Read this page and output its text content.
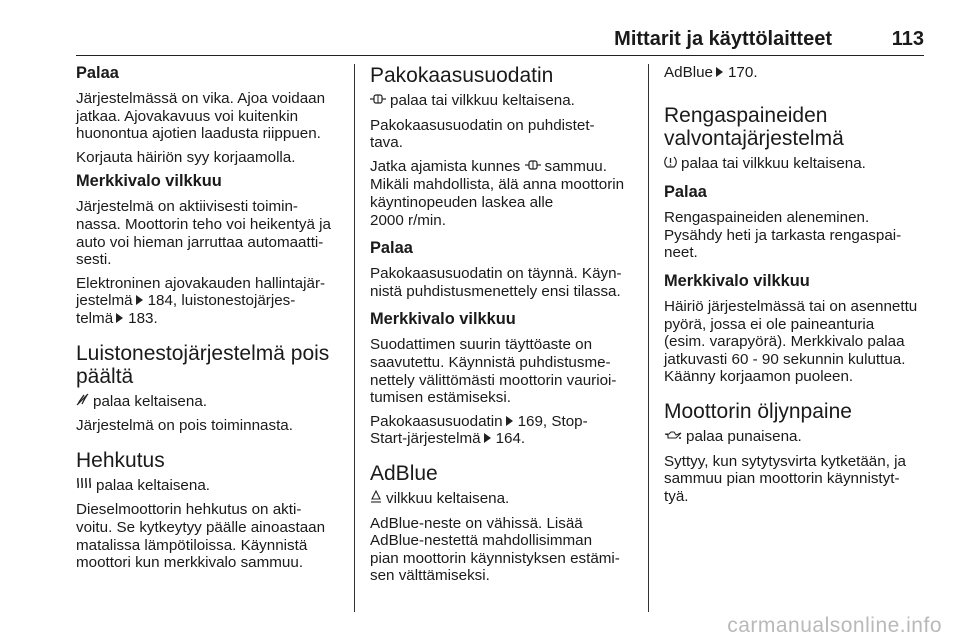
Mittarit ja käyttölaitteet	113
Palaa

Järjestelmässä on vika. Ajoa voidaan
jatkaa. Ajovakavuus voi kuitenkin
huonontua ajotien laadusta riippuen.

Korjauta häiriön syy korjaamolla.

Merkkivalo vilkkuu

Järjestelmä on aktiivisesti toimin-
nassa. Moottorin teho voi heikentyä ja
auto voi hieman jarruttaa automaatti-
sesti.

Elektroninen ajovakauden hallintajär-
jestelmä 184, luistonestojärjes-
telmä 183.

Luistonestojärjestelmä pois
päältä

palaa keltaisena.

Järjestelmä on pois toiminnasta.

Hehkutus

palaa keltaisena.

Dieselmoottorin hehkutus on akti-
voitu. Se kytkeytyy päälle ainoastaan
matalissa lämpötiloissa. Käynnistä
moottori kun merkkivalo sammuu.

Pakokaasusuodatin

palaa tai vilkkuu keltaisena.

Pakokaasusuodatin on puhdistet-
tava.

Jatka ajamista kunnes sammuu.
Mikäli mahdollista, älä anna moottorin
käyntinopeuden laskea alle
2000 r/min.

Palaa

Pakokaasusuodatin on täynnä. Käyn-
nistä puhdistusmenettely ensi tilassa.

Merkkivalo vilkkuu

Suodattimen suurin täyttöaste on
saavutettu. Käynnistä puhdistusme-
nettely välittömästi moottorin vaurioi-
tumisen estämiseksi.

Pakokaasusuodatin 169, Stop-
Start-järjestelmä 164.

AdBlue

vilkkuu keltaisena.

AdBlue-neste on vähissä. Lisää
AdBlue-nestettä mahdollisimman
pian moottorin käynnistyksen estämi-
sen välttämiseksi.

AdBlue 170.

Rengaspaineiden
valvontajärjestelmä

palaa tai vilkkuu keltaisena.

Palaa

Rengaspaineiden aleneminen.
Pysähdy heti ja tarkasta rengaspai-
neet.

Merkkivalo vilkkuu

Häiriö järjestelmässä tai on asennettu
pyörä, jossa ei ole paineanturia
(esim. varapyörä). Merkkivalo palaa
jatkuvasti 60 - 90 sekunnin kuluttua.
Käänny korjaamon puoleen.

Moottorin öljynpaine

palaa punaisena.

Syttyy, kun sytytysvirta kytketään, ja
sammuu pian moottorin käynnistyt-
tyä.

carmanualsonline.info
